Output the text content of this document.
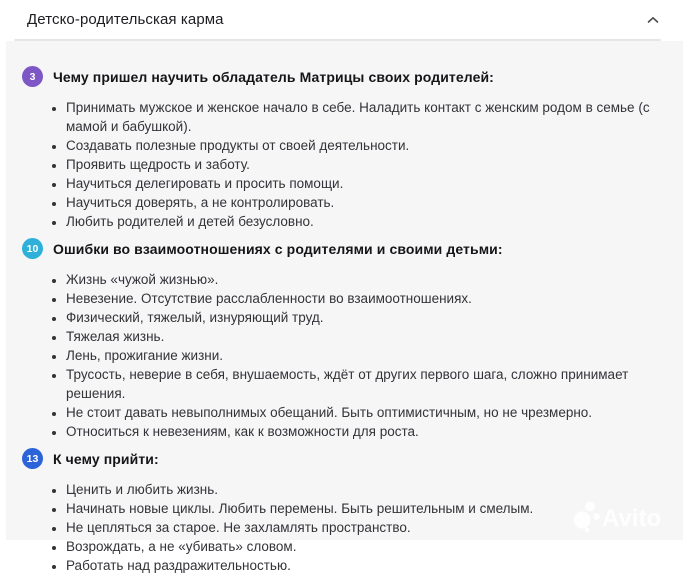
Детско-родительская карма
3	Чему пришел научить обладатель Матрицы своих родителей:
• Принимать мужское и женское начало в себе. Наладить контакт с женским родом в семье (с мамой и бабушкой).
• Создавать полезные продукты от своей деятельности.
• Проявить щедрость и заботу.
• Научиться делегировать и просить помощи.
• Научиться доверять, а не контролировать.
• Любить родителей и детей безусловно.
10	Ошибки во взаимоотношениях с родителями и своими детьми:
• Жизнь «чужой жизнью».
• Невезение. Отсутствие расслабленности во взаимоотношениях.
• Физический, тяжелый, изнуряющий труд.
• Тяжелая жизнь.
• Лень, прожигание жизни.
• Трусость, неверие в себя, внушаемость, ждёт от других первого шага, сложно принимает решения.
• Не стоит давать невыполнимых обещаний. Быть оптимистичным, но не чрезмерно.
• Относиться к невезениям, как к возможности для роста.
13	К чему прийти:
• Ценить и любить жизнь.
• Начинать новые циклы. Любить перемены. Быть решительным и смелым.
• Не цепляться за старое. Не захламлять пространство.
• Возрождать, а не «убивать» словом.
• Работать над раздражительностью.
Avito
